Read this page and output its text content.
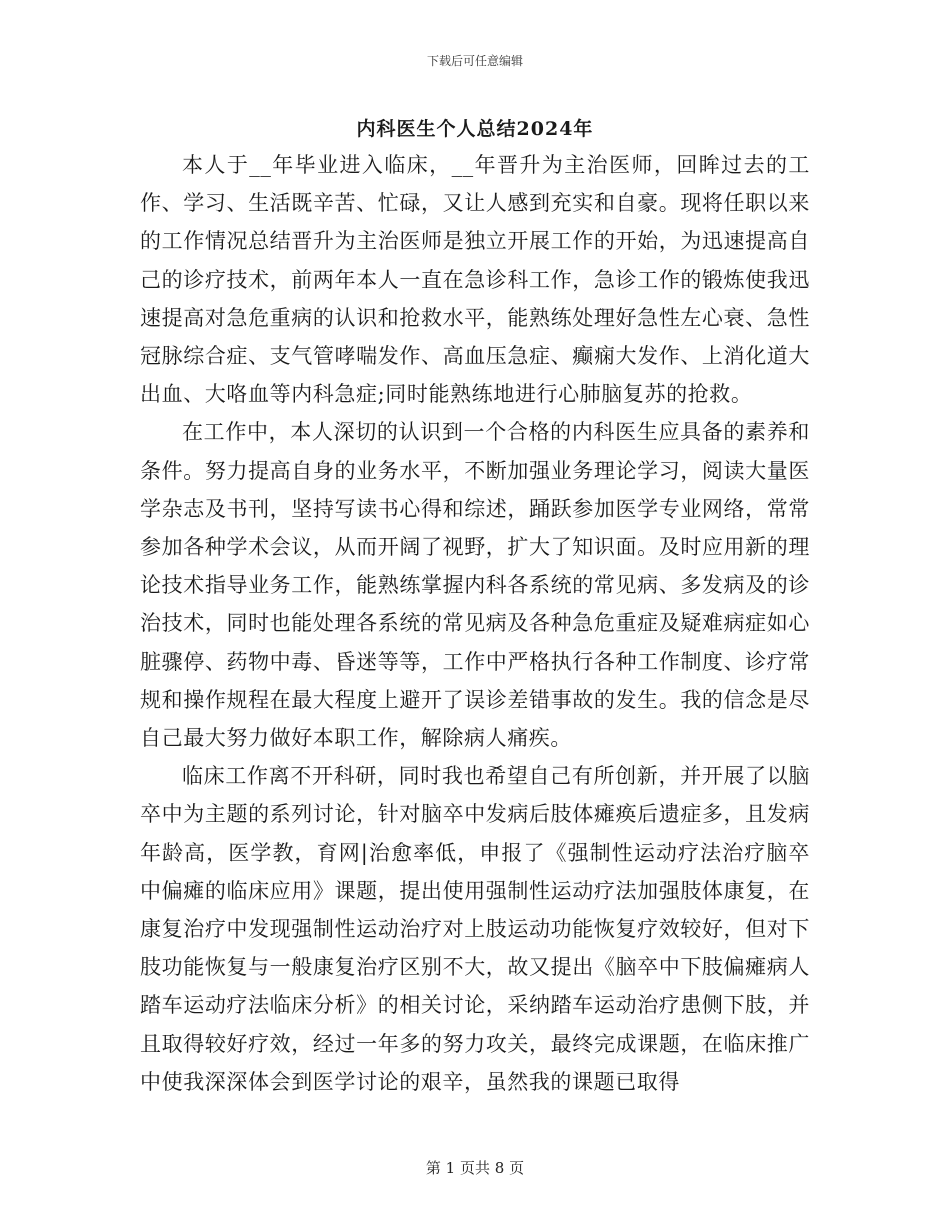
下载后可任意编辑
内科医生个人总结2024年

本人于__年毕业进入临床，__年晋升为主治医师，回眸过去的工作、学习、生活既辛苦、忙碌，又让人感到充实和自豪。现将任职以来的工作情况总结晋升为主治医师是独立开展工作的开始，为迅速提高自己的诊疗技术，前两年本人一直在急诊科工作，急诊工作的锻炼使我迅速提高对急危重病的认识和抢救水平，能熟练处理好急性左心衰、急性冠脉综合症、支气管哮喘发作、高血压急症、癫痫大发作、上消化道大出血、大咯血等内科急症;同时能熟练地进行心肺脑复苏的抢救。

在工作中，本人深切的认识到一个合格的内科医生应具备的素养和条件。努力提高自身的业务水平，不断加强业务理论学习，阅读大量医学杂志及书刊，坚持写读书心得和综述，踊跃参加医学专业网络，常常参加各种学术会议，从而开阔了视野，扩大了知识面。及时应用新的理论技术指导业务工作，能熟练掌握内科各系统的常见病、多发病及的诊治技术，同时也能处理各系统的常见病及各种急危重症及疑难病症如心脏骤停、药物中毒、昏迷等等，工作中严格执行各种工作制度、诊疗常规和操作规程在最大程度上避开了误诊差错事故的发生。我的信念是尽自己最大努力做好本职工作，解除病人痛疾。

临床工作离不开科研，同时我也希望自己有所创新，并开展了以脑卒中为主题的系列讨论，针对脑卒中发病后肢体瘫痪后遗症多，且发病年龄高，医学教，育网|治愈率低，申报了《强制性运动疗法治疗脑卒中偏瘫的临床应用》课题，提出使用强制性运动疗法加强肢体康复，在康复治疗中发现强制性运动治疗对上肢运动功能恢复疗效较好，但对下肢功能恢复与一般康复治疗区别不大，故又提出《脑卒中下肢偏瘫病人踏车运动疗法临床分析》的相关讨论，采纳踏车运动治疗患侧下肢，并且取得较好疗效，经过一年多的努力攻关，最终完成课题，在临床推广中使我深深体会到医学讨论的艰辛，虽然我的课题已取得

第 1 页共 8 页
